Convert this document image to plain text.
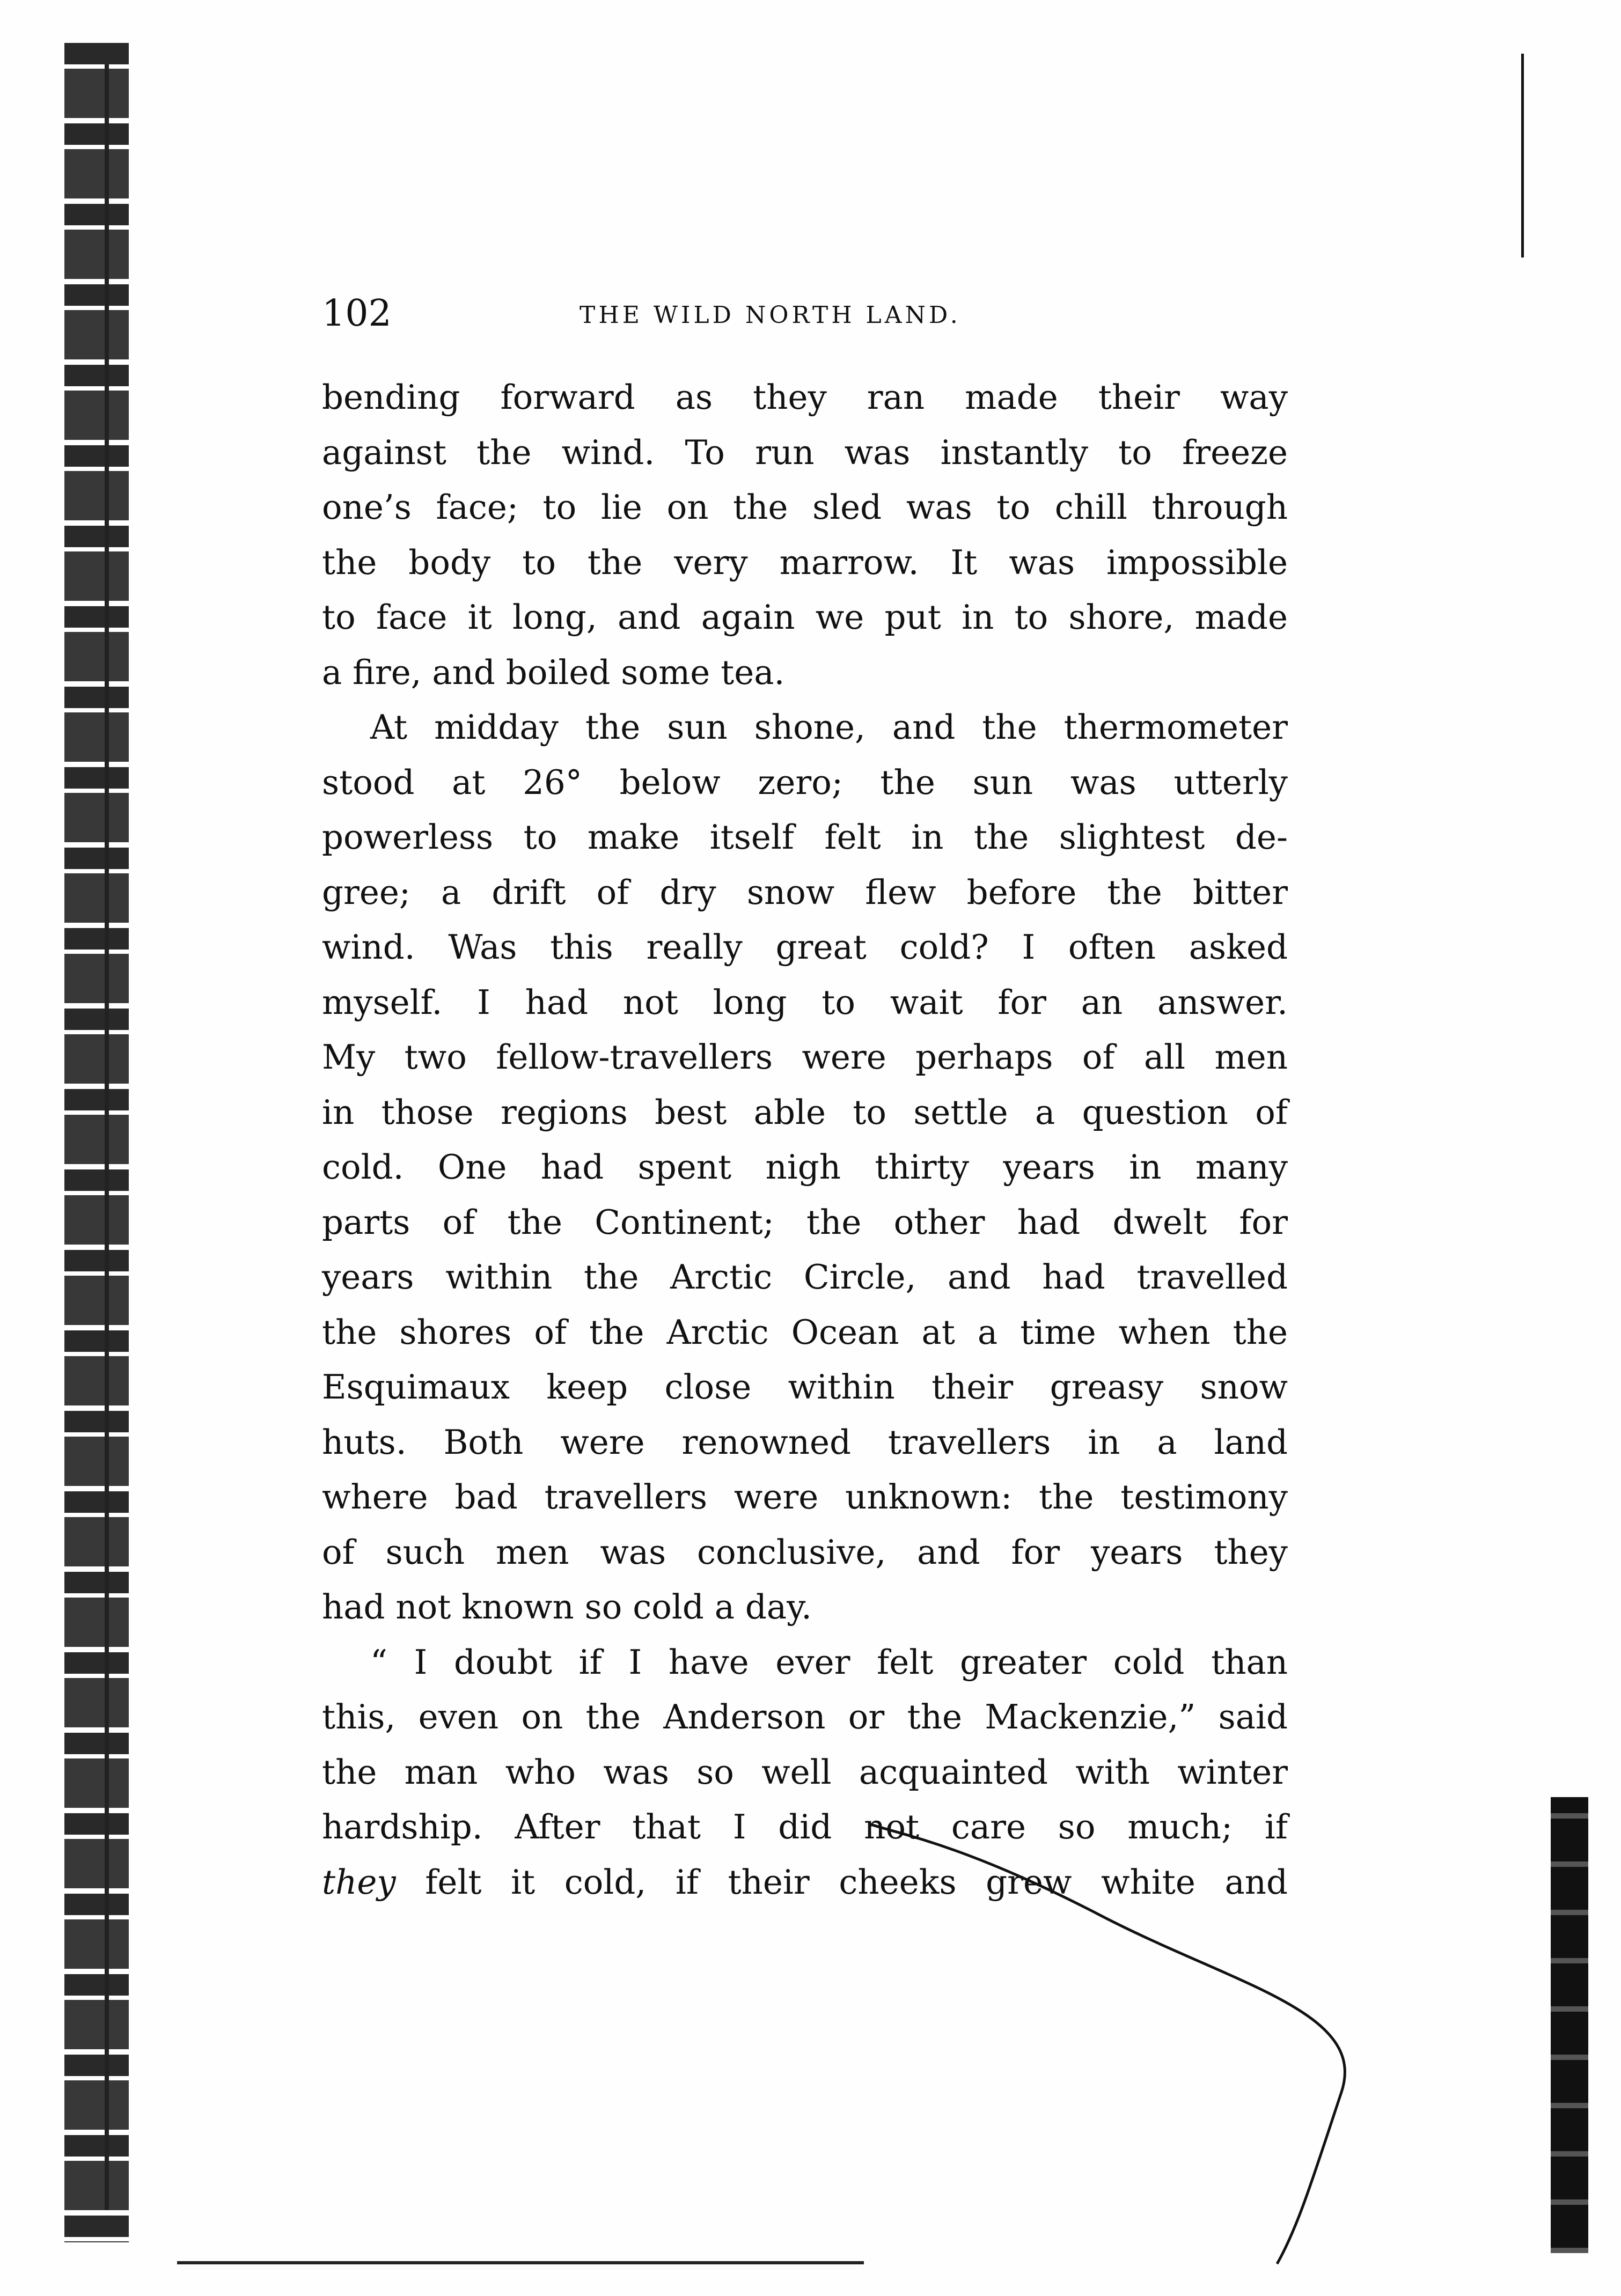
102	THE WILD NORTH LAND.
bending forward as they ran made their way
against the wind. To run was instantly to freeze
one’s face; to lie on the sled was to chill through
the body to the very marrow. It was impossible
to face it long, and again we put in to shore, made
a fire, and boiled some tea.
At midday the sun shone, and the thermometer
stood at 26° below zero; the sun was utterly
powerless to make itself felt in the slightest de-
gree; a drift of dry snow flew before the bitter
wind. Was this really great cold? I often asked
myself. I had not long to wait for an answer.
My two fellow-travellers were perhaps of all men
in those regions best able to settle a question of
cold. One had spent nigh thirty years in many
parts of the Continent; the other had dwelt for
years within the Arctic Circle, and had travelled
the shores of the Arctic Ocean at a time when the
Esquimaux keep close within their greasy snow
huts. Both were renowned travellers in a land
where bad travellers were unknown: the testimony
of such men was conclusive, and for years they
had not known so cold a day.
“ I doubt if I have ever felt greater cold than
this, even on the Anderson or the Mackenzie,” said
the man who was so well acquainted with winter
hardship. After that I did not care so much; if
they felt it cold, if their cheeks grew white and
